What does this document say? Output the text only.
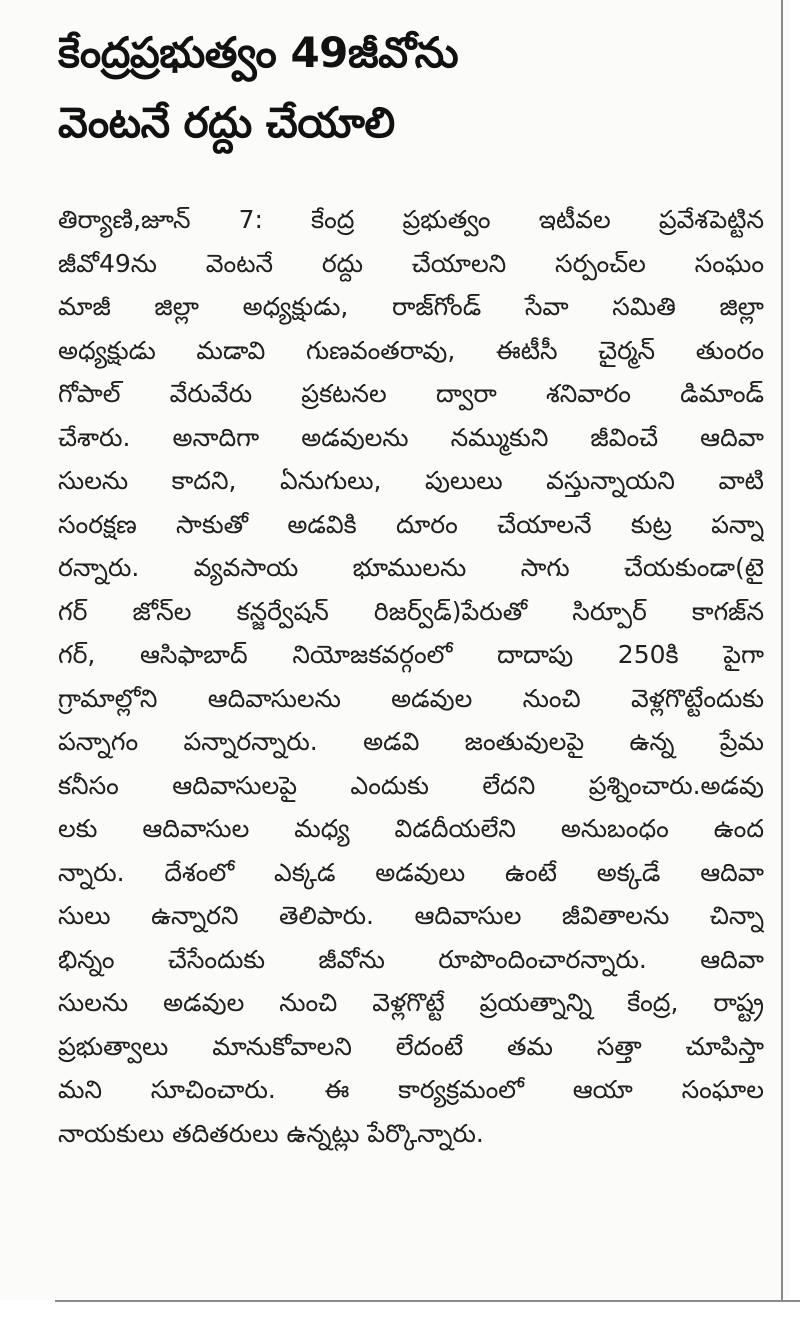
కేంద్రప్రభుత్వం 49జీవోను
వెంటనే రద్దు చేయాలి
తిర్యాణి,జూన్ 7: కేంద్ర ప్రభుత్వం ఇటీవల ప్రవేశపెట్టిన
జీవో49ను వెంటనే రద్దు చేయాలని సర్పంచ్‌ల సంఘం
మాజీ జిల్లా అధ్యక్షుడు, రాజ్‌గోండ్ సేవా సమితి జిల్లా
అధ్యక్షుడు మడావి గుణవంతరావు, ఈటీసీ చైర్మన్ తుంరం
గోపాల్ వేరువేరు ప్రకటనల ద్వారా శనివారం డిమాండ్
చేశారు. అనాదిగా అడవులను నమ్ముకుని జీవించే ఆదివా
సులను కాదని, ఏనుగులు, పులులు వస్తున్నాయని వాటి
సంరక్షణ సాకుతో అడవికి దూరం చేయాలనే కుట్ర పన్నా
రన్నారు. వ్యవసాయ భూములను సాగు చేయకుండా(టై
గర్ జోన్‌ల కన్జర్వేషన్ రిజర్వ్‌డ్)పేరుతో సిర్పూర్ కాగజ్‌న
గర్, ఆసిఫాబాద్ నియోజకవర్గంలో దాదాపు 250కి పైగా
గ్రామాల్లోని ఆదివాసులను అడవుల నుంచి వెళ్లగొట్టేందుకు
పన్నాగం పన్నారన్నారు. అడవి జంతువులపై ఉన్న ప్రేమ
కనీసం ఆదివాసులపై ఎందుకు లేదని ప్రశ్నించారు.అడవు
లకు ఆదివాసుల మధ్య విడదీయలేని అనుబంధం ఉంద
న్నారు. దేశంలో ఎక్కడ అడవులు ఉంటే అక్కడే ఆదివా
సులు ఉన్నారని తెలిపారు. ఆదివాసుల జీవితాలను చిన్నా
భిన్నం చేసేందుకు జీవోను రూపొందించారన్నారు. ఆదివా
సులను అడవుల నుంచి వెళ్లగొట్టే ప్రయత్నాన్ని కేంద్ర, రాష్ట్ర
ప్రభుత్వాలు మానుకోవాలని లేదంటే తమ సత్తా చూపిస్తా
మని సూచించారు. ఈ కార్యక్రమంలో ఆయా సంఘాల
నాయకులు తదితరులు ఉన్నట్లు పేర్కొన్నారు.
